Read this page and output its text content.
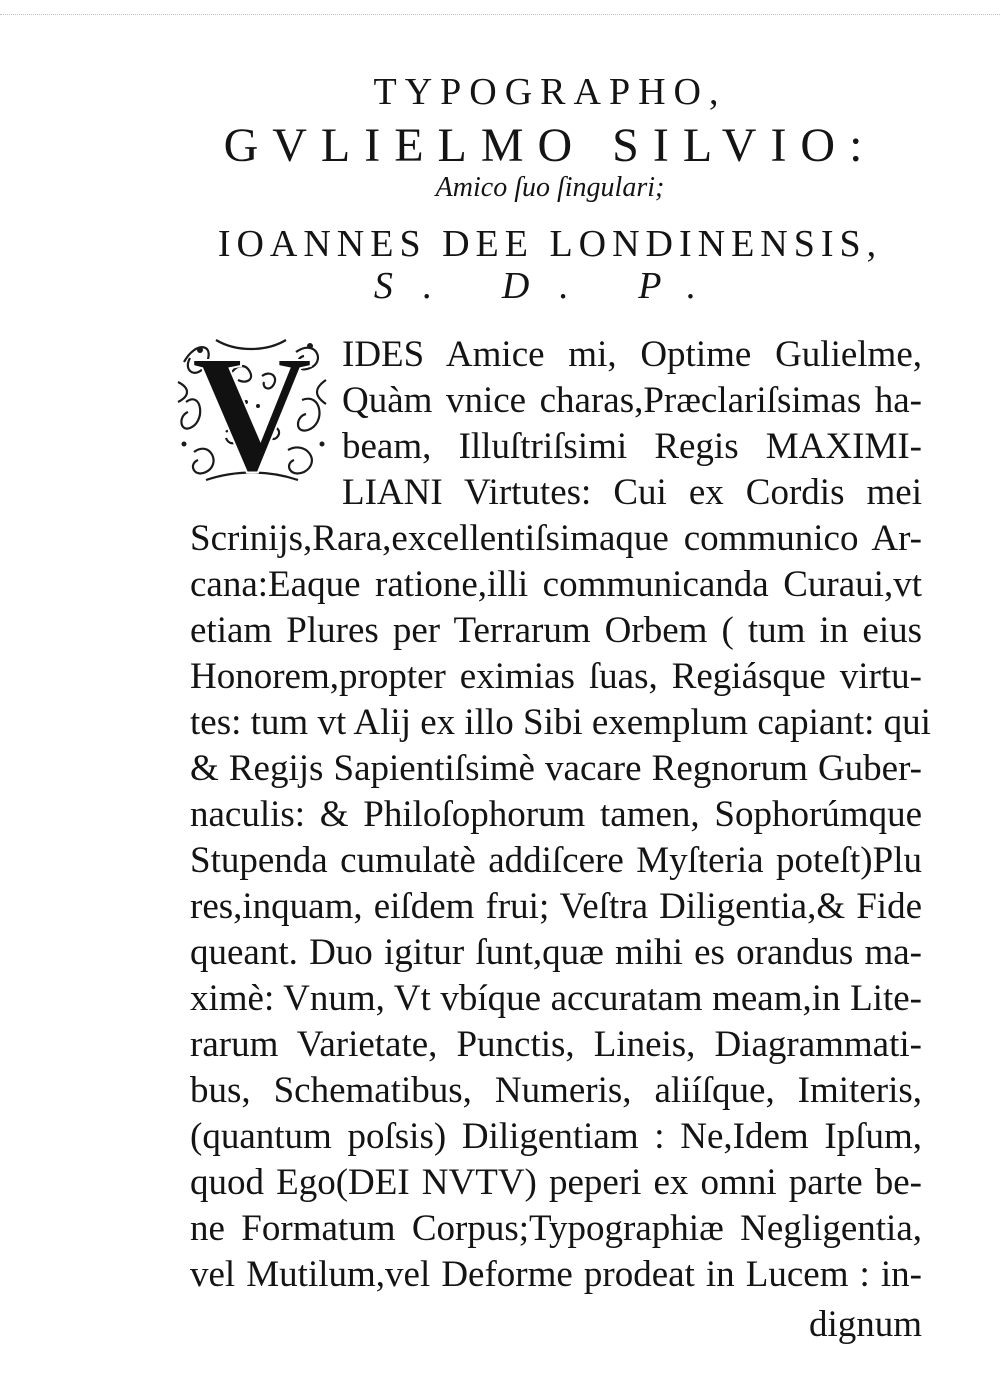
TYPOGRAPHO,
GVLIELMO SILVIO:
Amico ſuo ſingulari;
IOANNES DEE LONDINENSIS,
S. D. P.
V IDES Amice mi, Optime Gulielme,
Quàm vnice charas,Præclariſsimas ha-
beam, Illuſtriſsimi Regis MAXIMI-
LIANI Virtutes: Cui ex Cordis mei
Scrinijs,Rara,excellentiſsimaque communico Ar-
cana:Eaque ratione,illi communicanda Curaui,vt
etiam Plures per Terrarum Orbem ( tum in eius
Honorem,propter eximias ſuas, Regiásque virtu-
tes: tum vt Alij ex illo Sibi exemplum capiant: qui
& Regijs Sapientiſsimè vacare Regnorum Guber-
naculis: & Philoſophorum tamen, Sophorúmque
Stupenda cumulatè addiſcere Myſteria poteſt)Plu
res,inquam, eiſdem frui; Veſtra Diligentia,& Fide
queant. Duo igitur ſunt,quæ mihi es orandus ma-
ximè: Vnum, Vt vbíque accuratam meam,in Lite-
rarum Varietate, Punctis, Lineis, Diagrammati-
bus, Schematibus, Numeris, aliíſque, Imiteris,
(quantum poſsis) Diligentiam : Ne,Idem Ipſum,
quod Ego(DEI NVTV) peperi ex omni parte be-
ne Formatum Corpus;Typographiæ Negligentia,
vel Mutilum,vel Deforme prodeat in Lucem : in-
dignum
